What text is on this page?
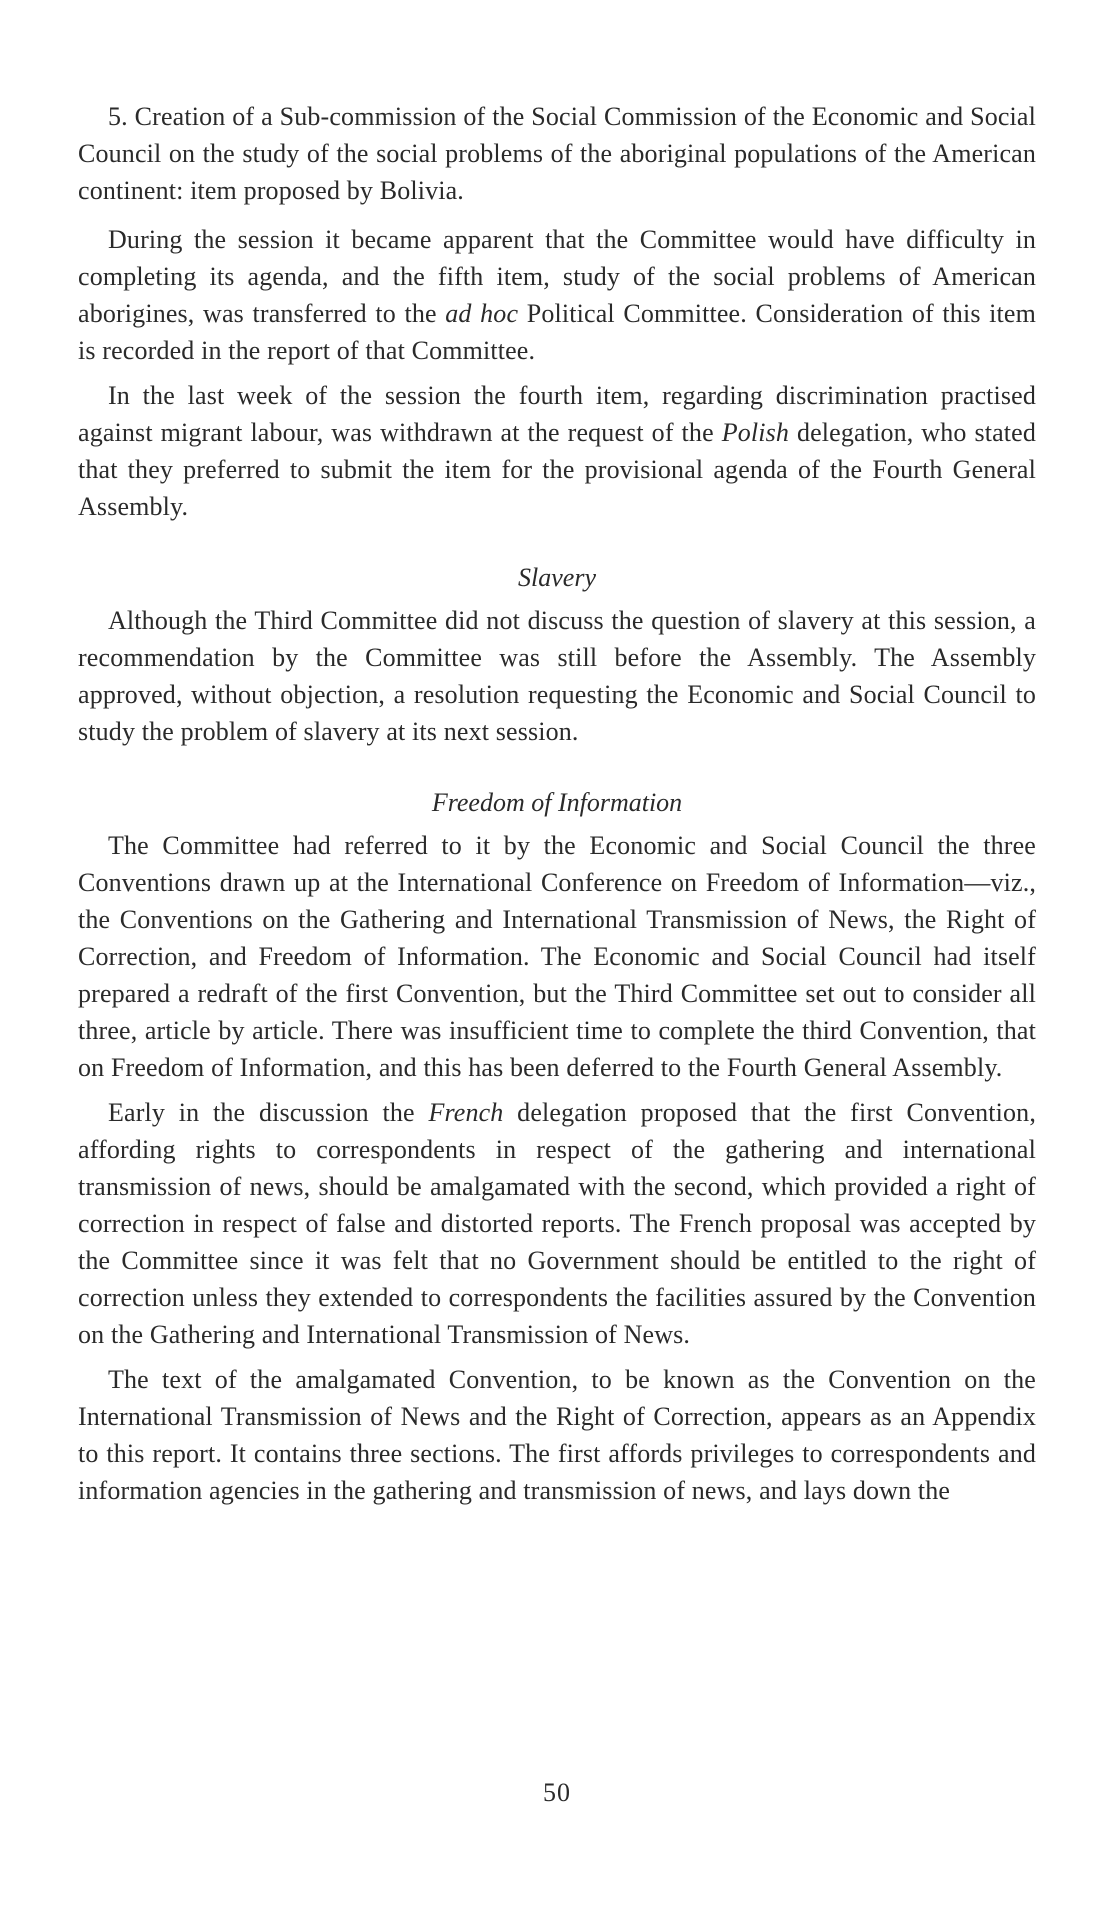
5. Creation of a Sub-commission of the Social Commission of the Economic and Social Council on the study of the social problems of the aboriginal populations of the American continent: item proposed by Bolivia.

During the session it became apparent that the Committee would have difficulty in completing its agenda, and the fifth item, study of the social problems of American aborigines, was transferred to the ad hoc Political Committee. Consideration of this item is recorded in the report of that Committee.

In the last week of the session the fourth item, regarding discrimination practised against migrant labour, was withdrawn at the request of the Polish delegation, who stated that they preferred to submit the item for the provisional agenda of the Fourth General Assembly.

Slavery

Although the Third Committee did not discuss the question of slavery at this session, a recommendation by the Committee was still before the Assembly. The Assembly approved, without objection, a resolution requesting the Economic and Social Council to study the problem of slavery at its next session.

Freedom of Information

The Committee had referred to it by the Economic and Social Council the three Conventions drawn up at the International Conference on Freedom of Information—viz., the Conventions on the Gathering and International Transmission of News, the Right of Correction, and Freedom of Information. The Economic and Social Council had itself prepared a redraft of the first Convention, but the Third Committee set out to consider all three, article by article. There was insufficient time to complete the third Convention, that on Freedom of Information, and this has been deferred to the Fourth General Assembly.

Early in the discussion the French delegation proposed that the first Convention, affording rights to correspondents in respect of the gathering and international transmission of news, should be amalgamated with the second, which provided a right of correction in respect of false and distorted reports. The French proposal was accepted by the Committee since it was felt that no Government should be entitled to the right of correction unless they extended to correspondents the facilities assured by the Convention on the Gathering and International Transmission of News.

The text of the amalgamated Convention, to be known as the Convention on the International Transmission of News and the Right of Correction, appears as an Appendix to this report. It contains three sections. The first affords privileges to correspondents and information agencies in the gathering and transmission of news, and lays down the

50
